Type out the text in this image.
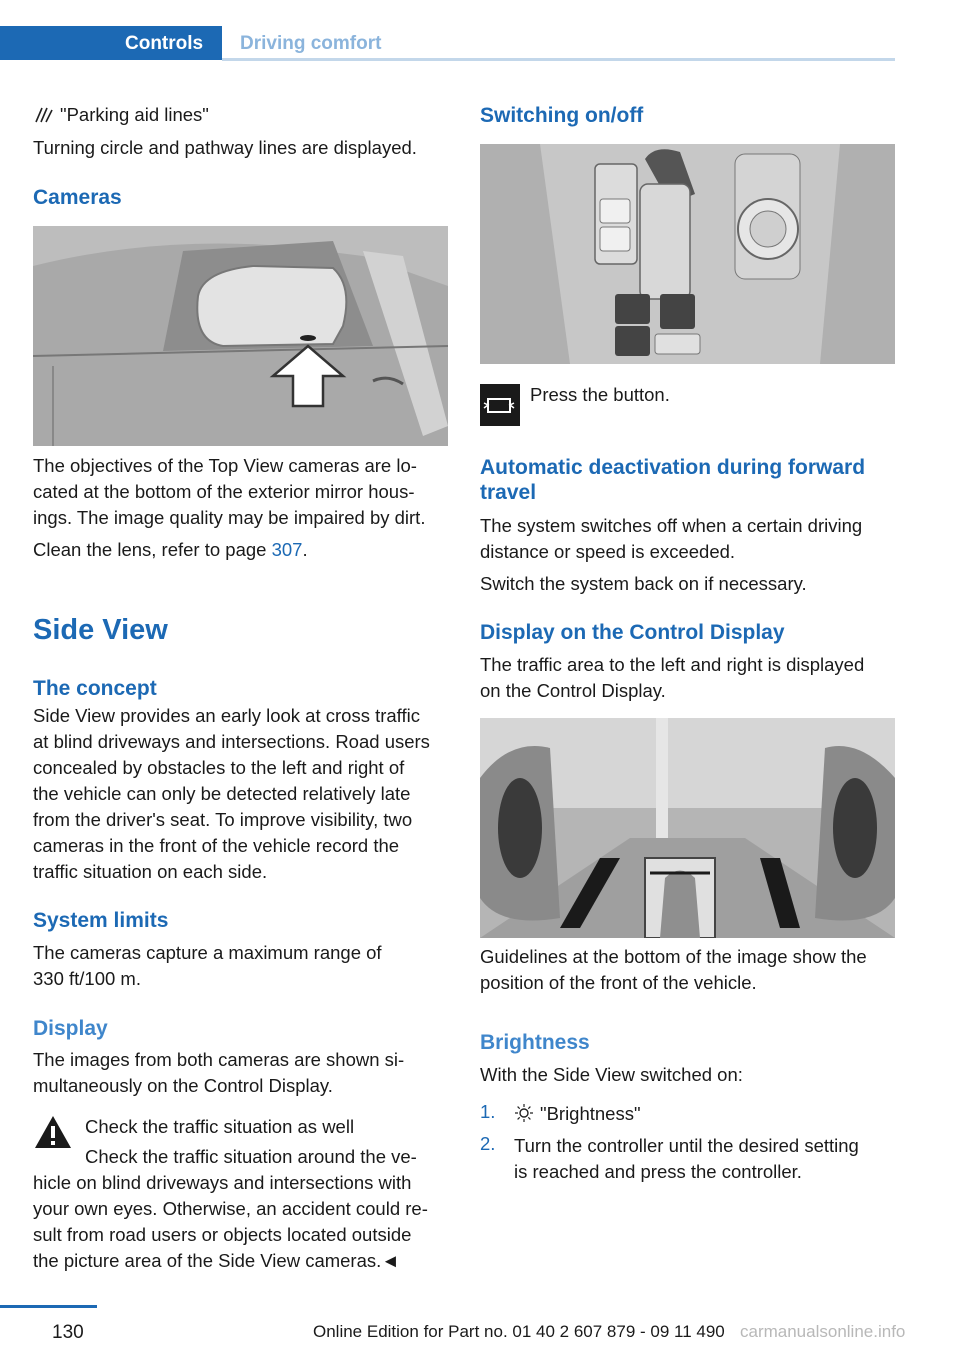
Controls Driving comfort

"Parking aid lines"

Turning circle and pathway lines are displayed.

Cameras

The objectives of the Top View cameras are lo-

cated at the bottom of the exterior mirror hous-

ings. The image quality may be impaired by dirt.

Clean the lens, refer to page 307.

Side View

The concept

Side View provides an early look at cross traffic

at blind driveways and intersections. Road users

concealed by obstacles to the left and right of

the vehicle can only be detected relatively late

from the driver's seat. To improve visibility, two

cameras in the front of the vehicle record the

traffic situation on each side.

System limits

The cameras capture a maximum range of

330 ft/100 m.

Display

The images from both cameras are shown si-

multaneously on the Control Display.

Check the traffic situation as well

Check the traffic situation around the ve-

hicle on blind driveways and intersections with

your own eyes. Otherwise, an accident could re-

sult from road users or objects located outside

the picture area of the Side View cameras.◄

Switching on/off

Press the button.

Automatic deactivation during forward

travel

The system switches off when a certain driving

distance or speed is exceeded.

Switch the system back on if necessary.

Display on the Control Display

The traffic area to the left and right is displayed

on the Control Display.

Guidelines at the bottom of the image show the

position of the front of the vehicle.

Brightness

With the Side View switched on:

1. "Brightness"
2. Turn the controller until the desired setting

is reached and press the controller.

130	Online Edition for Part no. 01 40 2 607 879 - 09 11 490 carmanualsonline.info
